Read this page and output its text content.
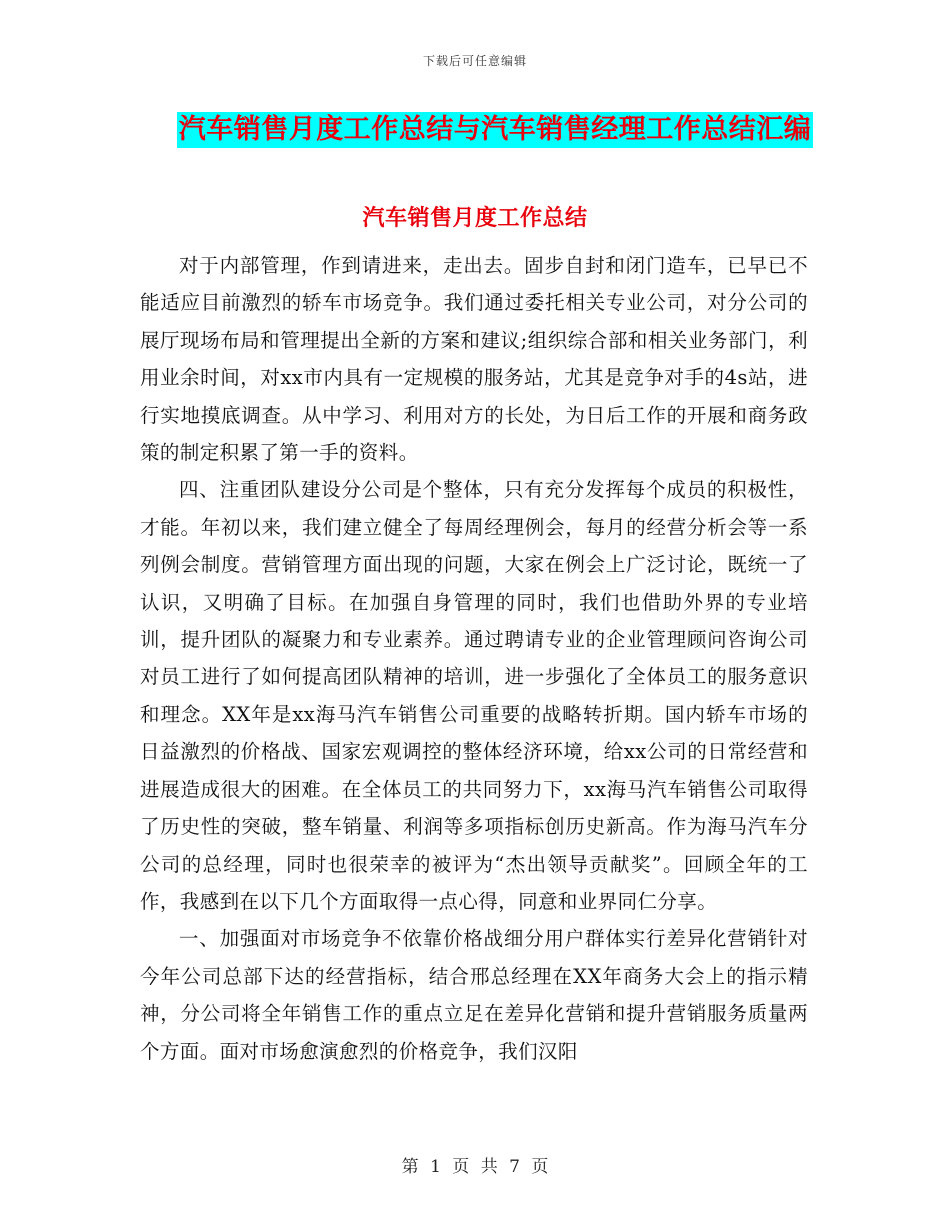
下载后可任意编辑
汽车销售月度工作总结与汽车销售经理工作总结汇编
汽车销售月度工作总结

对于内部管理，作到请进来，走出去。固步自封和闭门造车，已早已不能适应目前激烈的轿车市场竞争。我们通过委托相关专业公司，对分公司的展厅现场布局和管理提出全新的方案和建议;组织综合部和相关业务部门，利用业余时间，对xx市内具有一定规模的服务站，尤其是竞争对手的4s站，进行实地摸底调查。从中学习、利用对方的长处，为日后工作的开展和商务政策的制定积累了第一手的资料。

四、注重团队建设分公司是个整体，只有充分发挥每个成员的积极性，才能。年初以来，我们建立健全了每周经理例会，每月的经营分析会等一系列例会制度。营销管理方面出现的问题，大家在例会上广泛讨论，既统一了认识，又明确了目标。在加强自身管理的同时，我们也借助外界的专业培训，提升团队的凝聚力和专业素养。通过聘请专业的企业管理顾问咨询公司对员工进行了如何提高团队精神的培训，进一步强化了全体员工的服务意识和理念。XX年是xx海马汽车销售公司重要的战略转折期。国内轿车市场的日益激烈的价格战、国家宏观调控的整体经济环境，给xx公司的日常经营和进展造成很大的困难。在全体员工的共同努力下，xx海马汽车销售公司取得了历史性的突破，整车销量、利润等多项指标创历史新高。作为海马汽车分公司的总经理，同时也很荣幸的被评为“杰出领导贡献奖”。回顾全年的工作，我感到在以下几个方面取得一点心得，同意和业界同仁分享。

一、加强面对市场竞争不依靠价格战细分用户群体实行差异化营销针对今年公司总部下达的经营指标，结合邢总经理在XX年商务大会上的指示精神，分公司将全年销售工作的重点立足在差异化营销和提升营销服务质量两个方面。面对市场愈演愈烈的价格竞争，我们汉阳

第 1 页 共 7 页
